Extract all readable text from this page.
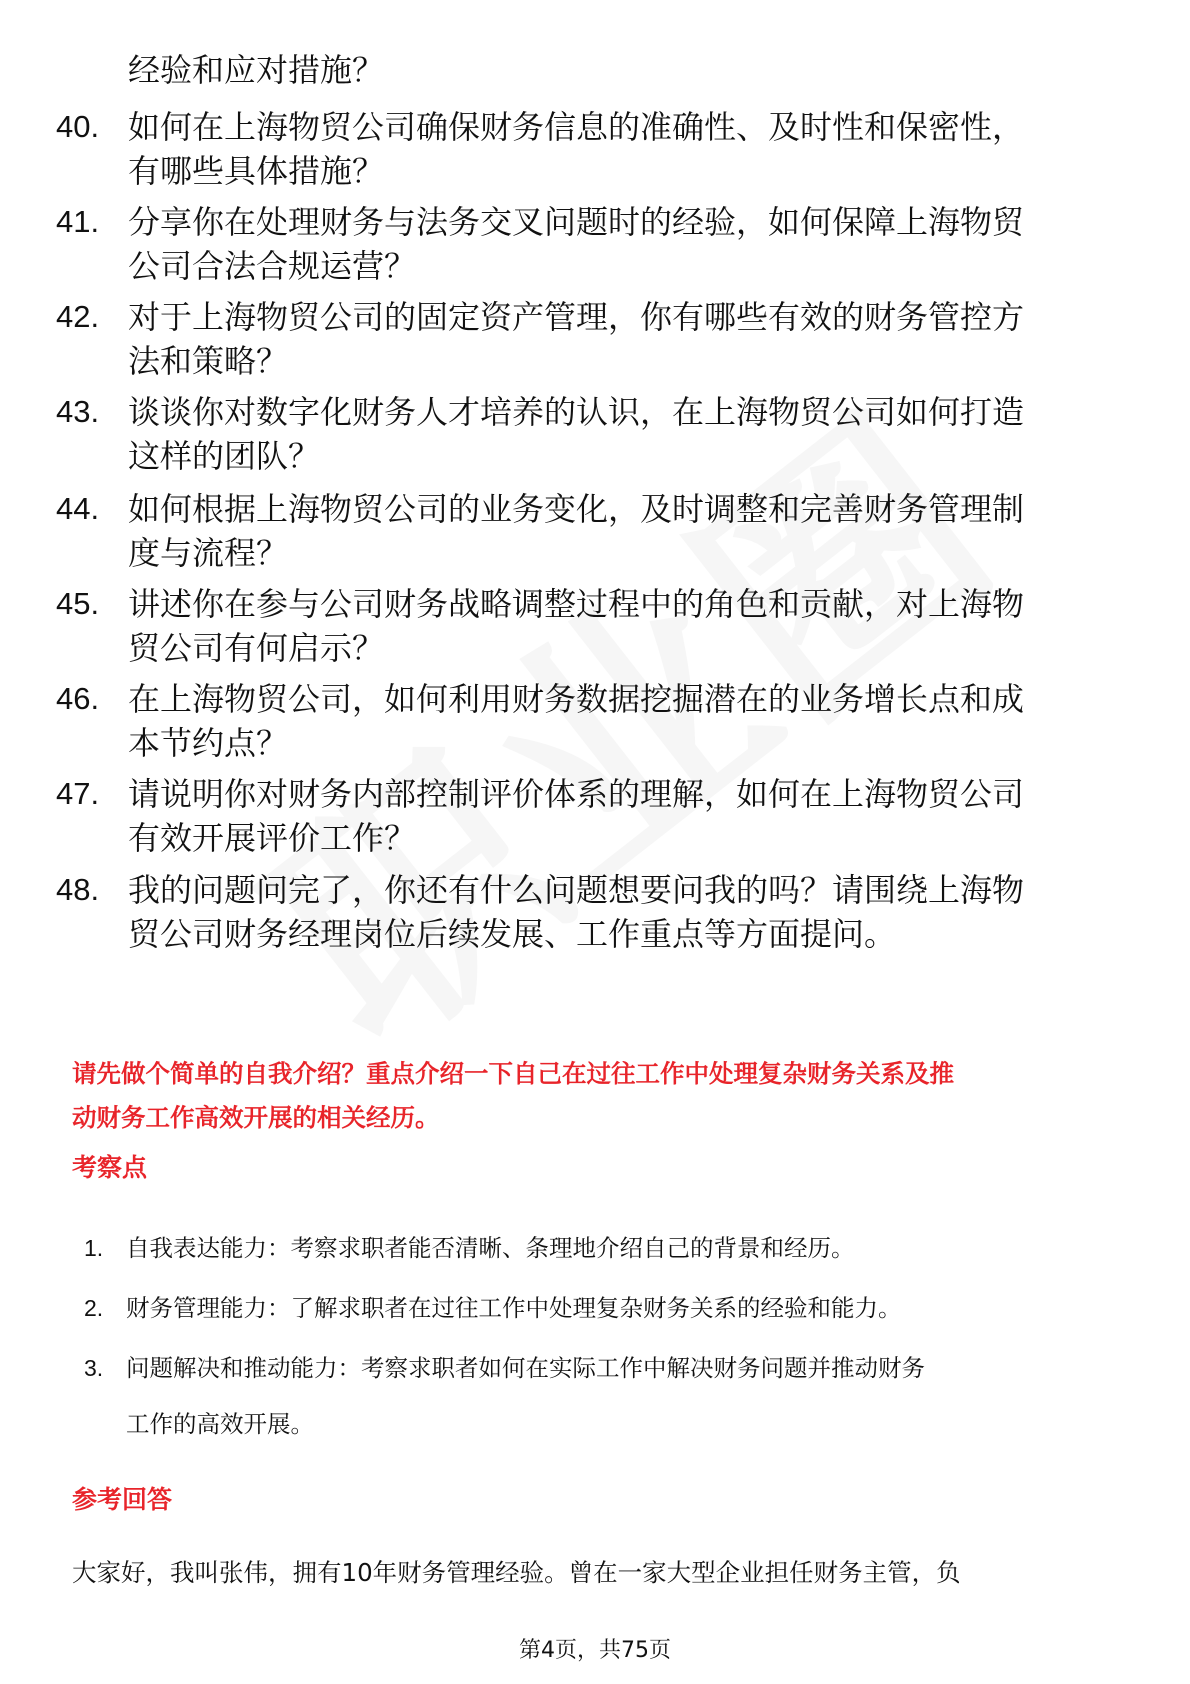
经验和应对措施？
40. 如何在上海物贸公司确保财务信息的准确性、及时性和保密性，
有哪些具体措施？
41. 分享你在处理财务与法务交叉问题时的经验，如何保障上海物贸
公司合法合规运营？
42. 对于上海物贸公司的固定资产管理，你有哪些有效的财务管控方
法和策略？
43. 谈谈你对数字化财务人才培养的认识，在上海物贸公司如何打造
这样的团队？
44. 如何根据上海物贸公司的业务变化，及时调整和完善财务管理制
度与流程？
45. 讲述你在参与公司财务战略调整过程中的角色和贡献，对上海物
贸公司有何启示？
46. 在上海物贸公司，如何利用财务数据挖掘潜在的业务增长点和成
本节约点？
47. 请说明你对财务内部控制评价体系的理解，如何在上海物贸公司
有效开展评价工作？
48. 我的问题问完了，你还有什么问题想要问我的吗？请围绕上海物
贸公司财务经理岗位后续发展、工作重点等方面提问。
请先做个简单的自我介绍？重点介绍一下自己在过往工作中处理复杂财务关系及推
动财务工作高效开展的相关经历。
考察点
1. 自我表达能力：考察求职者能否清晰、条理地介绍自己的背景和经历。
2. 财务管理能力：了解求职者在过往工作中处理复杂财务关系的经验和能力。
3. 问题解决和推动能力：考察求职者如何在实际工作中解决财务问题并推动财务
工作的高效开展。
参考回答
大家好，我叫张伟，拥有10年财务管理经验。曾在一家大型企业担任财务主管，负
第4页，共75页
